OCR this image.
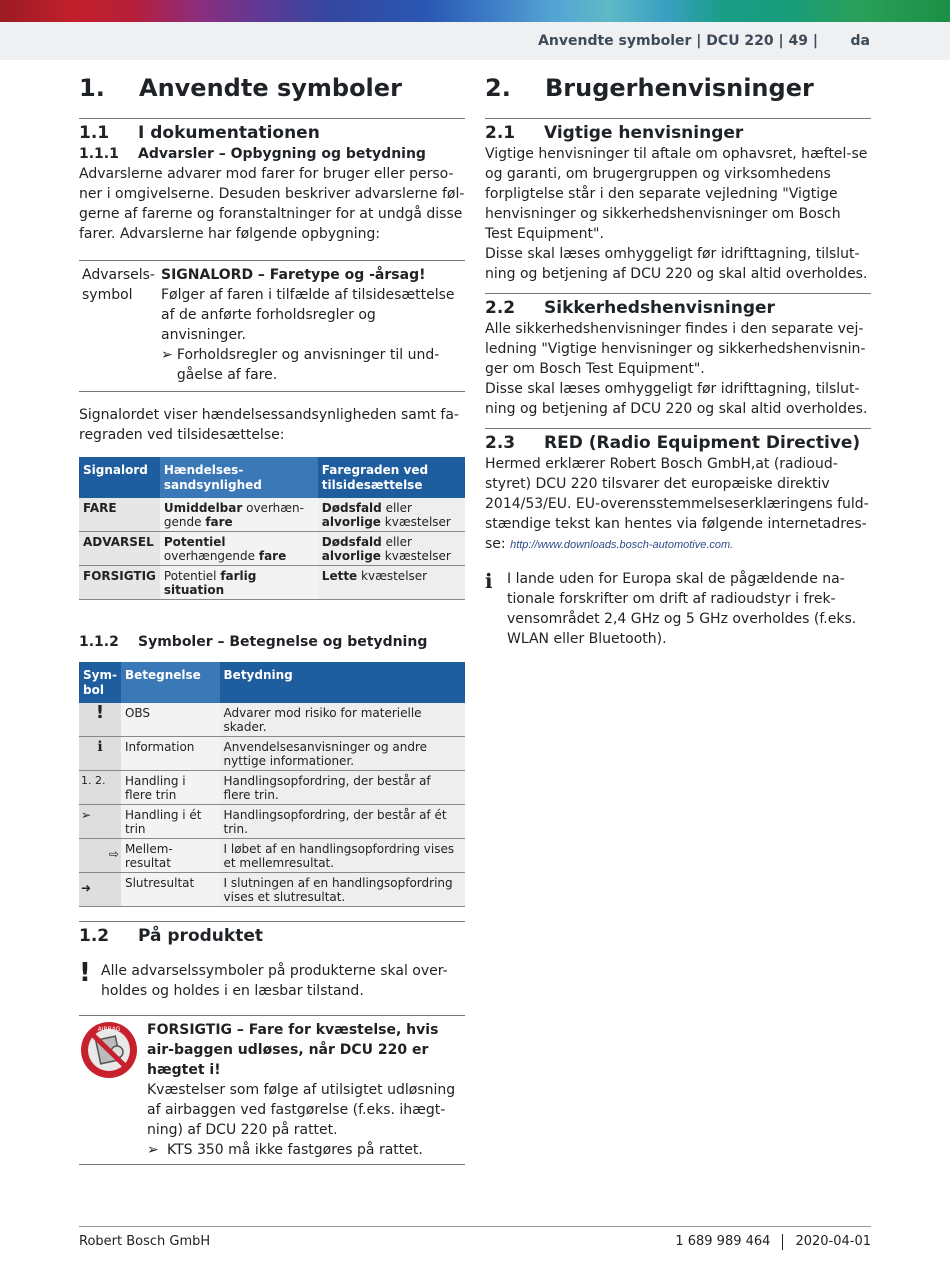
Anvendte symboler | DCU 220 | 49 | da
1.	Anvendte symboler
1.1	I dokumentationen
1.1.1	Advarsler – Opbygning og betydning

Advarslerne advarer mod farer for bruger eller perso-ner i omgivelserne. Desuden beskriver advarslerne føl-gerne af farerne og foranstaltninger for at undgå disse farer. Advarslerne har følgende opbygning:

Advarsels-symbol
SIGNALORD – Faretype og -årsag!
Følger af faren i tilfælde af tilsidesættelse af de anførte forholdsregler og anvisninger.
➢ Forholdsregler og anvisninger til und-gåelse af fare.

Signalordet viser hændelsessandsynligheden samt fa-regraden ved tilsidesættelse:

Signalord	Hændelses-sandsynlighed	Faregraden ved tilsidesættelse
FARE	Umiddelbar overhæn-gende fare	Dødsfald eller alvorlige kvæstelser
ADVARSEL	Potentiel overhængende fare	Dødsfald eller alvorlige kvæstelser
FORSIGTIG	Potentiel farlig situation	Lette kvæstelser
1.1.2	Symboler – Betegnelse og betydning
Sym-bol	Betegnelse	Betydning
!	OBS	Advarer mod risiko for materielle skader.
ℹ	Information	Anvendelsesanvisninger og andre nyttige informationer.
1. 2.	Handling i flere trin	Handlingsopfordring, der består af flere trin.
➢	Handling i ét trin	Handlingsopfordring, der består af ét trin.
⇨	Mellem-resultat	I løbet af en handlingsopfordring vises et mellemresultat.
➜	Slutresultat	I slutningen af en handlingsopfordring vises et slutresultat.
1.2	På produktet
! Alle advarselssymboler på produkterne skal over-holdes og holdes i en læsbar tilstand.
AIRBAG FORSIGTIG – Fare for kvæstelse, hvis air-baggen udløses, når DCU 220 er hægtet i!
Kvæstelser som følge af utilsigtet udløsning af airbaggen ved fastgørelse (f.eks. ihægt-ning) af DCU 220 på rattet.
➢ KTS 350 må ikke fastgøres på rattet.
2.	Brugerhenvisninger
2.1	Vigtige henvisninger

Vigtige henvisninger til aftale om ophavsret, hæftel-se og garanti, om brugergruppen og virksomhedens forpligtelse står i den separate vejledning "Vigtige henvisninger og sikkerhedshenvisninger om Bosch Test Equipment".

Disse skal læses omhyggeligt før idrifttagning, tilslut-ning og betjening af DCU 220 og skal altid overholdes.

2.2	Sikkerhedshenvisninger

Alle sikkerhedshenvisninger findes i den separate vej-ledning "Vigtige henvisninger og sikkerhedshenvisnin-ger om Bosch Test Equipment".

Disse skal læses omhyggeligt før idrifttagning, tilslut-ning og betjening af DCU 220 og skal altid overholdes.

2.3	RED (Radio Equipment Directive)

Hermed erklærer Robert Bosch GmbH,at (radioud-styret) DCU 220 tilsvarer det europæiske direktiv 2014/53/EU. EU-overensstemmelseserklæringens fuld-stændige tekst kan hentes via følgende internetadres-se: http://www.downloads.bosch-automotive.com.

ℹ	I lande uden for Europa skal de pågældende na-tionale forskrifter om drift af radioudstyr i frek-vensområdet 2,4 GHz og 5 GHz overholdes (f.eks. WLAN eller Bluetooth).
Robert Bosch GmbH	1 689 989 464 2020-04-01
